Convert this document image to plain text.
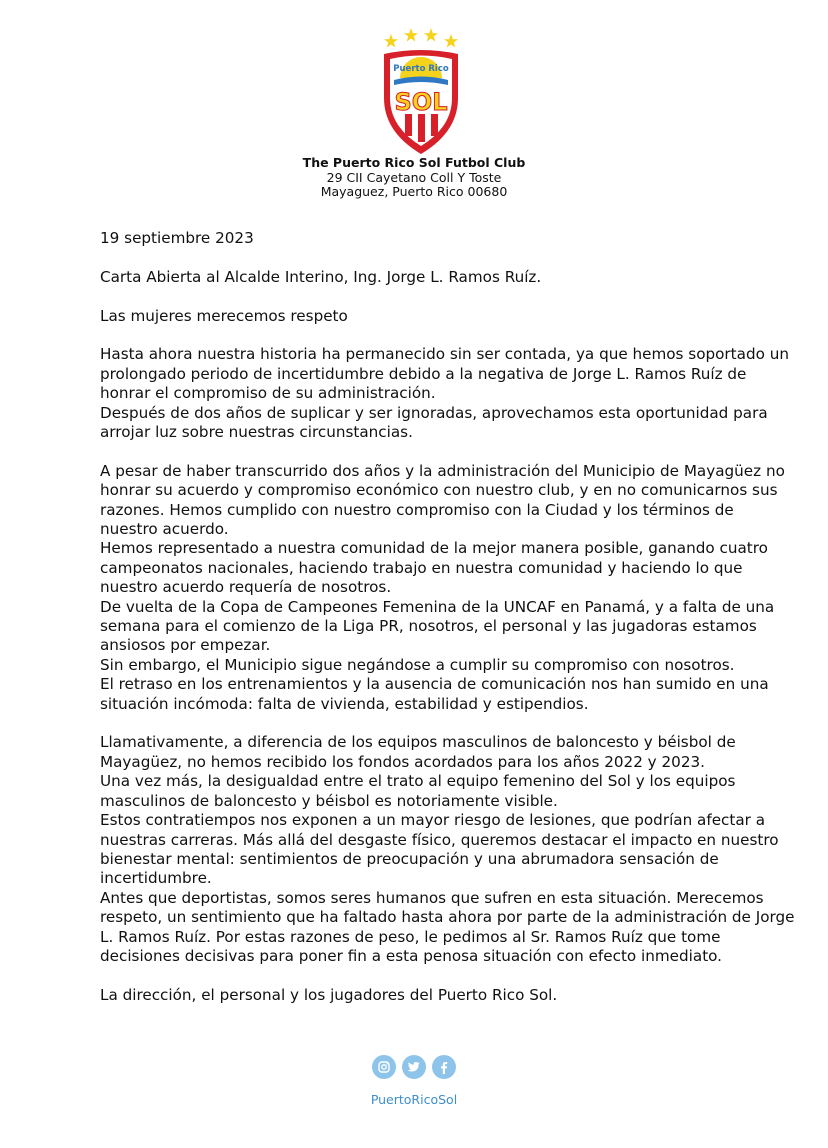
Puerto Rico
SOL
The Puerto Rico Sol Futbol Club
29 CII Cayetano Coll Y Toste
Mayaguez, Puerto Rico 00680

19 septiembre 2023

Carta Abierta al Alcalde Interino, Ing. Jorge L. Ramos Ruíz.

Las mujeres merecemos respeto

Hasta ahora nuestra historia ha permanecido sin ser contada, ya que hemos soportado un
prolongado periodo de incertidumbre debido a la negativa de Jorge L. Ramos Ruíz de
honrar el compromiso de su administración.
Después de dos años de suplicar y ser ignoradas, aprovechamos esta oportunidad para
arrojar luz sobre nuestras circunstancias.
A pesar de haber transcurrido dos años y la administración del Municipio de Mayagüez no
honrar su acuerdo y compromiso económico con nuestro club, y en no comunicarnos sus
razones. Hemos cumplido con nuestro compromiso con la Ciudad y los términos de
nuestro acuerdo.
Hemos representado a nuestra comunidad de la mejor manera posible, ganando cuatro
campeonatos nacionales, haciendo trabajo en nuestra comunidad y haciendo lo que
nuestro acuerdo requería de nosotros.
De vuelta de la Copa de Campeones Femenina de la UNCAF en Panamá, y a falta de una
semana para el comienzo de la Liga PR, nosotros, el personal y las jugadoras estamos
ansiosos por empezar.
Sin embargo, el Municipio sigue negándose a cumplir su compromiso con nosotros.
El retraso en los entrenamientos y la ausencia de comunicación nos han sumido en una
situación incómoda: falta de vivienda, estabilidad y estipendios.
Llamativamente, a diferencia de los equipos masculinos de baloncesto y béisbol de
Mayagüez, no hemos recibido los fondos acordados para los años 2022 y 2023.
Una vez más, la desigualdad entre el trato al equipo femenino del Sol y los equipos
masculinos de baloncesto y béisbol es notoriamente visible.
Estos contratiempos nos exponen a un mayor riesgo de lesiones, que podrían afectar a
nuestras carreras. Más allá del desgaste físico, queremos destacar el impacto en nuestro
bienestar mental: sentimientos de preocupación y una abrumadora sensación de
incertidumbre.
Antes que deportistas, somos seres humanos que sufren en esta situación. Merecemos
respeto, un sentimiento que ha faltado hasta ahora por parte de la administración de Jorge
L. Ramos Ruíz. Por estas razones de peso, le pedimos al Sr. Ramos Ruíz que tome
decisiones decisivas para poner fin a esta penosa situación con efecto inmediato.
La dirección, el personal y los jugadores del Puerto Rico Sol.
PuertoRicoSol
